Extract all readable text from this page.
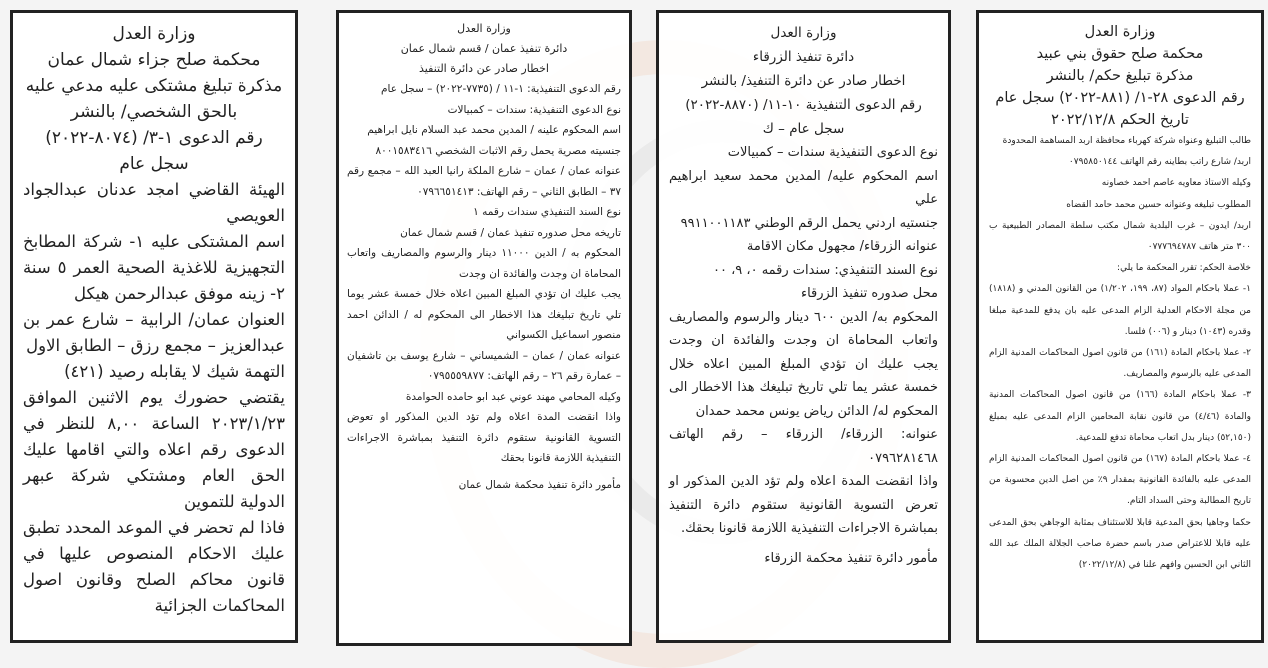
وزارة العدل
محكمة صلح جزاء شمال عمان
مذكرة تبليغ مشتكى عليه مدعي عليه
بالحق الشخصي/ بالنشر
رقم الدعوى ١-٣/ (٨٠٧٤-٢٠٢٢)
سجل عام

الهيئة القاضي امجد عدنان عبدالجواد العويصي

اسم المشتكى عليه ١- شركة المطابخ التجهيزية للاغذية الصحية العمر ٥ سنة ٢- زينه موفق عبدالرحمن هيكل

العنوان عمان/ الرابية – شارع عمر بن عبدالعزيز – مجمع رزق – الطابق الاول

التهمة شيك لا يقابله رصيد (٤٢١)

يقتضي حضورك يوم الاثنين الموافق ٢٠٢٣/١/٢٣ الساعة ٨,٠٠ للنظر في الدعوى رقم اعلاه والتي اقامها عليك الحق العام ومشتكي شركة عبهر الدولية للتموين

فاذا لم تحضر في الموعد المحدد تطبق عليك الاحكام المنصوص عليها في قانون محاكم الصلح وقانون اصول المحاكمات الجزائية

وزارة العدل
دائرة تنفيذ عمان / قسم شمال عمان
اخطار صادر عن دائرة التنفيذ

رقم الدعوى التنفيذية: ١-١١ / (٧٧٣٥-٢٠٢٢) – سجل عام

نوع الدعوى التنفيذية: سندات – كمبيالات

اسم المحكوم علينه / المدين محمد عبد السلام نايل ابراهيم

جنسيته مصرية يحمل رقم الاثبات الشخصي ٨٠٠١٥٨٣٤١٦

عنوانه عمان / عمان – شارع الملكة رانيا العبد الله – مجمع رقم ٣٧ – الطابق الثاني – رقم الهاتف: ٠٧٩٦٦٥١٤١٣

نوع السند التنفيذي سندات رقمه ١

تاريخه محل صدوره تنفيذ عمان / قسم شمال عمان

المحكوم به / الدين ١١٠٠٠ دينار والرسوم والمصاريف واتعاب المحاماة ان وجدت والفائدة ان وجدت

يجب عليك ان تؤدي المبلغ المبين اعلاه خلال خمسة عشر يوما تلي تاريخ تبليغك هذا الاخطار الى المحكوم له / الدائن احمد منصور اسماعيل الكسواني

عنوانه عمان / عمان – الشميساني – شارع يوسف بن تاشفيان – عمارة رقم ٢٦ – رقم الهاتف: ٠٧٩٥٥٥٩٨٧٧

وكيله المحامي مهند عوني عبد ابو حامده الحوامدة

واذا انقضت المدة اعلاه ولم تؤد الدين المذكور او تعوض التسوية القانونية ستقوم دائرة التنفيذ بمباشرة الاجراءات التنفيذية اللازمة قانونا بحقك

مأمور دائرة تنفيذ محكمة شمال عمان

وزارة العدل
دائرة تنفيذ الزرقاء
اخطار صادر عن دائرة التنفيذ/ بالنشر
رقم الدعوى التنفيذية ١٠-١١/ (٨٨٧٠-٢٠٢٢)
سجل عام – ك

نوع الدعوى التنفيذية سندات – كمبيالات

اسم المحكوم عليه/ المدين محمد سعيد ابراهيم علي

جنستيه اردني يحمل الرقم الوطني ٩٩١١٠٠١١٨٣

عنوانه الزرقاء/ مجهول مكان الاقامة

نوع السند التنفيذي: سندات رقمه ٠، ٩، ٠٠

محل صدوره تنفيذ الزرقاء

المحكوم به/ الدين ٦٠٠ دينار والرسوم والمصاريف واتعاب المحاماة ان وجدت والفائدة ان وجدت يجب عليك ان تؤدي المبلغ المبين اعلاه خلال خمسة عشر يما تلي تاريخ تبليغك هذا الاخطار الى المحكوم له/ الدائن رياض يونس محمد حمدان

عنوانه: الزرقاء/ الزرقاء – رقم الهاتف ٠٧٩٦٢٨١٤٦٨

واذا انقضت المدة اعلاه ولم تؤد الدين المذكور او تعرض التسوية القانونية ستقوم دائرة التنفيذ بمباشرة الاجراءات التنفيذية اللازمة قانونا بحقك.

مأمور دائرة تنفيذ محكمة الزرقاء

وزارة العدل
محكمة صلح حقوق بني عبيد
مذكرة تبليغ حكم/ بالنشر
رقم الدعوى ٢٨-١/ (٨٨١-٢٠٢٢) سجل عام
تاريخ الحكم ٢٠٢٢/١٢/٨

طالب التبليغ وعنواه شركة كهرباء محافظة اربد المساهمة المحدودة

اربد/ شارع راتب بطاينه رقم الهاتف ٠٧٩٥٨٥٠١٤٤

وكيله الاستاذ معاويه عاصم احمد خصاونه

المطلوب تبليغه وعنوانه حسين محمد حامد القضاه

اربد/ ايدون – غرب البلدية شمال مكتب سلطة المصادر الطبيعية ب ٣٠٠ متر هاتف ٠٧٧٧٦٩٤٧٨٧

خلاصة الحكم: تقرر المحكمة ما يلي:

١- عملا باحكام المواد (٨٧، ١٩٩، ١/٢٠٢) من القانون المدني و (١٨١٨) من مجلة الاحكام العدلية الزام المدعى عليه بان يدفع للمدعية مبلغا وقدره (١٠٤٣) دينار و (٠٠٦) فلسا.

٢- عملا باحكام المادة (١٦١) من قانون اصول المحاكمات المدنية الزام المدعى عليه بالرسوم والمصاريف.

٣- عملا باحكام المادة (١٦٦) من قانون اصول المحاكمات المدنية والمادة (٤/٤٦) من قانون نقابة المحامين الزام المدعى عليه بمبلغ (٥٢,١٥٠) دينار بدل اتعاب محاماة تدفع للمدعية.

٤- عملا باحكام المادة (١٦٧) من قانون اصول المحاكمات المدنية الزام المدعى عليه بالفائدة القانونية بمقدار ٩٪ من اصل الدين محسوبة من تاريخ المطالبة وحتى السداد التام.

حكما وجاهيا بحق المدعية قابلا للاستئناف بمثابة الوجاهي بحق المدعى عليه قابلا للاعتراض صدر باسم حضرة صاحب الجلالة الملك عبد الله الثاني ابن الحسين وافهم علنا في (٢٠٢٢/١٢/٨)
